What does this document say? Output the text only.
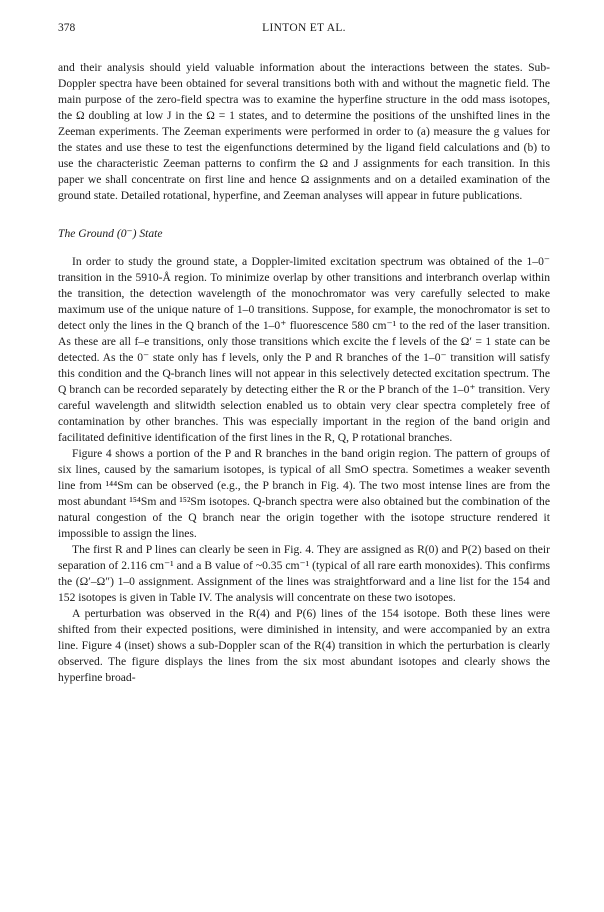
378	LINTON ET AL.

and their analysis should yield valuable information about the interactions between the states. Sub-Doppler spectra have been obtained for several transitions both with and without the magnetic field. The main purpose of the zero-field spectra was to examine the hyperfine structure in the odd mass isotopes, the Ω doubling at low J in the Ω = 1 states, and to determine the positions of the unshifted lines in the Zeeman experiments. The Zeeman experiments were performed in order to (a) measure the g values for the states and use these to test the eigenfunctions determined by the ligand field calculations and (b) to use the characteristic Zeeman patterns to confirm the Ω and J assignments for each transition. In this paper we shall concentrate on first line and hence Ω assignments and on a detailed examination of the ground state. Detailed rotational, hyperfine, and Zeeman analyses will appear in future publications.

The Ground (0⁻) State

In order to study the ground state, a Doppler-limited excitation spectrum was obtained of the 1–0⁻ transition in the 5910-Å region. To minimize overlap by other transitions and interbranch overlap within the transition, the detection wavelength of the monochromator was very carefully selected to make maximum use of the unique nature of 1–0 transitions. Suppose, for example, the monochromator is set to detect only the lines in the Q branch of the 1–0⁺ fluorescence 580 cm⁻¹ to the red of the laser transition. As these are all f–e transitions, only those transitions which excite the f levels of the Ω′ = 1 state can be detected. As the 0⁻ state only has f levels, only the P and R branches of the 1–0⁻ transition will satisfy this condition and the Q-branch lines will not appear in this selectively detected excitation spectrum. The Q branch can be recorded separately by detecting either the R or the P branch of the 1–0⁺ transition. Very careful wavelength and slitwidth selection enabled us to obtain very clear spectra completely free of contamination by other branches. This was especially important in the region of the band origin and facilitated definitive identification of the first lines in the R, Q, P rotational branches.

Figure 4 shows a portion of the P and R branches in the band origin region. The pattern of groups of six lines, caused by the samarium isotopes, is typical of all SmO spectra. Sometimes a weaker seventh line from ¹⁴⁴Sm can be observed (e.g., the P branch in Fig. 4). The two most intense lines are from the most abundant ¹⁵⁴Sm and ¹⁵²Sm isotopes. Q-branch spectra were also obtained but the combination of the natural congestion of the Q branch near the origin together with the isotope structure rendered it impossible to assign the lines.

The first R and P lines can clearly be seen in Fig. 4. They are assigned as R(0) and P(2) based on their separation of 2.116 cm⁻¹ and a B value of ~0.35 cm⁻¹ (typical of all rare earth monoxides). This confirms the (Ω′–Ω″) 1–0 assignment. Assignment of the lines was straightforward and a line list for the 154 and 152 isotopes is given in Table IV. The analysis will concentrate on these two isotopes.

A perturbation was observed in the R(4) and P(6) lines of the 154 isotope. Both these lines were shifted from their expected positions, were diminished in intensity, and were accompanied by an extra line. Figure 4 (inset) shows a sub-Doppler scan of the R(4) transition in which the perturbation is clearly observed. The figure displays the lines from the six most abundant isotopes and clearly shows the hyperfine broad-
